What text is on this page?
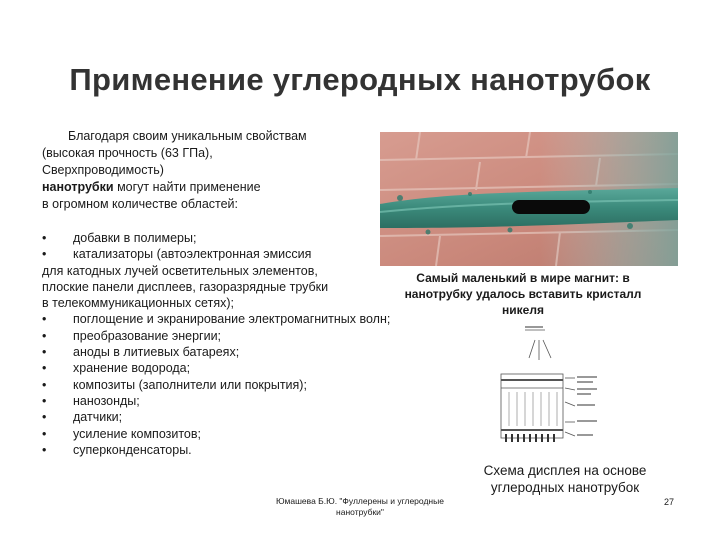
Применение углеродных нанотрубок
Благодаря своим уникальным свойствам
(высокая прочность (63 ГПа),
Сверхпроводимость)
нанотрубки могут найти применение
в огромном количестве областей:
• добавки в полимеры;
• катализаторы (автоэлектронная эмиссия
для катодных лучей осветительных элементов,
плоские панели дисплеев, газоразрядные трубки
в телекоммуникационных сетях);
• поглощение и экранирование электромагнитных волн;
• преобразование энергии;
• аноды в литиевых батареях;
• хранение водорода;
• композиты (заполнители или покрытия);
• нанозонды;
• датчики;
• усиление композитов;
• суперконденсаторы.
Самый маленький в мире магнит: в
нанотрубку удалось вставить кристалл
никеля
Схема дисплея на основе
углеродных нанотрубок
Юмашева Б.Ю. "Фуллерены и углеродные
нанотрубки"
27
